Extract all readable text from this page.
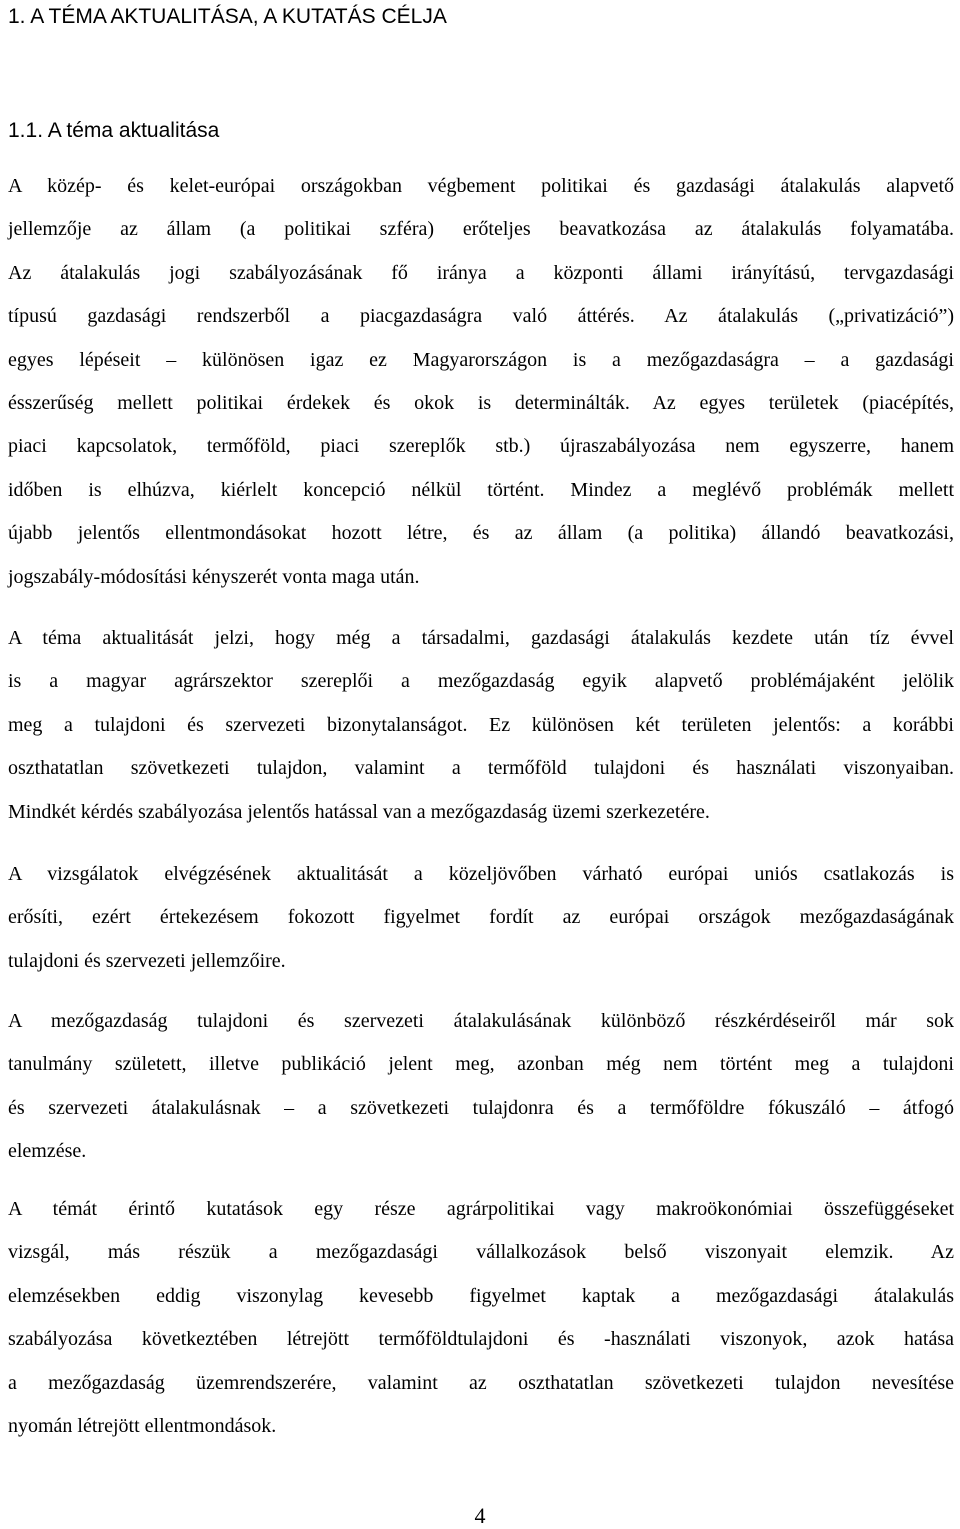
1. A TÉMA AKTUALITÁSA, A KUTATÁS CÉLJA
1.1. A téma aktualitása
A közép- és kelet-európai országokban végbement politikai és gazdasági átalakulás alapvető
jellemzője az állam (a politikai szféra) erőteljes beavatkozása az átalakulás folyamatába.
Az átalakulás jogi szabályozásának fő iránya a központi állami irányítású, tervgazdasági
típusú gazdasági rendszerből a piacgazdaságra való áttérés. Az átalakulás („privatizáció”)
egyes lépéseit – különösen igaz ez Magyarországon is a mezőgazdaságra – a gazdasági
ésszerűség mellett politikai érdekek és okok is determinálták. Az egyes területek (piacépítés,
piaci kapcsolatok, termőföld, piaci szereplők stb.) újraszabályozása nem egyszerre, hanem
időben is elhúzva, kiérlelt koncepció nélkül történt. Mindez a meglévő problémák mellett
újabb jelentős ellentmondásokat hozott létre, és az állam (a politika) állandó beavatkozási,
jogszabály-módosítási kényszerét vonta maga után.
A téma aktualitását jelzi, hogy még a társadalmi, gazdasági átalakulás kezdete után tíz évvel
is a magyar agrárszektor szereplői a mezőgazdaság egyik alapvető problémájaként jelölik
meg a tulajdoni és szervezeti bizonytalanságot. Ez különösen két területen jelentős: a korábbi
oszthatatlan szövetkezeti tulajdon, valamint a termőföld tulajdoni és használati viszonyaiban.
Mindkét kérdés szabályozása jelentős hatással van a mezőgazdaság üzemi szerkezetére.
A vizsgálatok elvégzésének aktualitását a közeljövőben várható európai uniós csatlakozás is
erősíti, ezért értekezésem fokozott figyelmet fordít az európai országok mezőgazdaságának
tulajdoni és szervezeti jellemzőire.
A mezőgazdaság tulajdoni és szervezeti átalakulásának különböző részkérdéseiről már sok
tanulmány született, illetve publikáció jelent meg, azonban még nem történt meg a tulajdoni
és szervezeti átalakulásnak – a szövetkezeti tulajdonra és a termőföldre fókuszáló – átfogó
elemzése.
A témát érintő kutatások egy része agrárpolitikai vagy makroökonómiai összefüggéseket
vizsgál, más részük a mezőgazdasági vállalkozások belső viszonyait elemzik. Az
elemzésekben eddig viszonylag kevesebb figyelmet kaptak a mezőgazdasági átalakulás
szabályozása következtében létrejött termőföldtulajdoni és -használati viszonyok, azok hatása
a mezőgazdaság üzemrendszerére, valamint az oszthatatlan szövetkezeti tulajdon nevesítése
nyomán létrejött ellentmondások.
4
